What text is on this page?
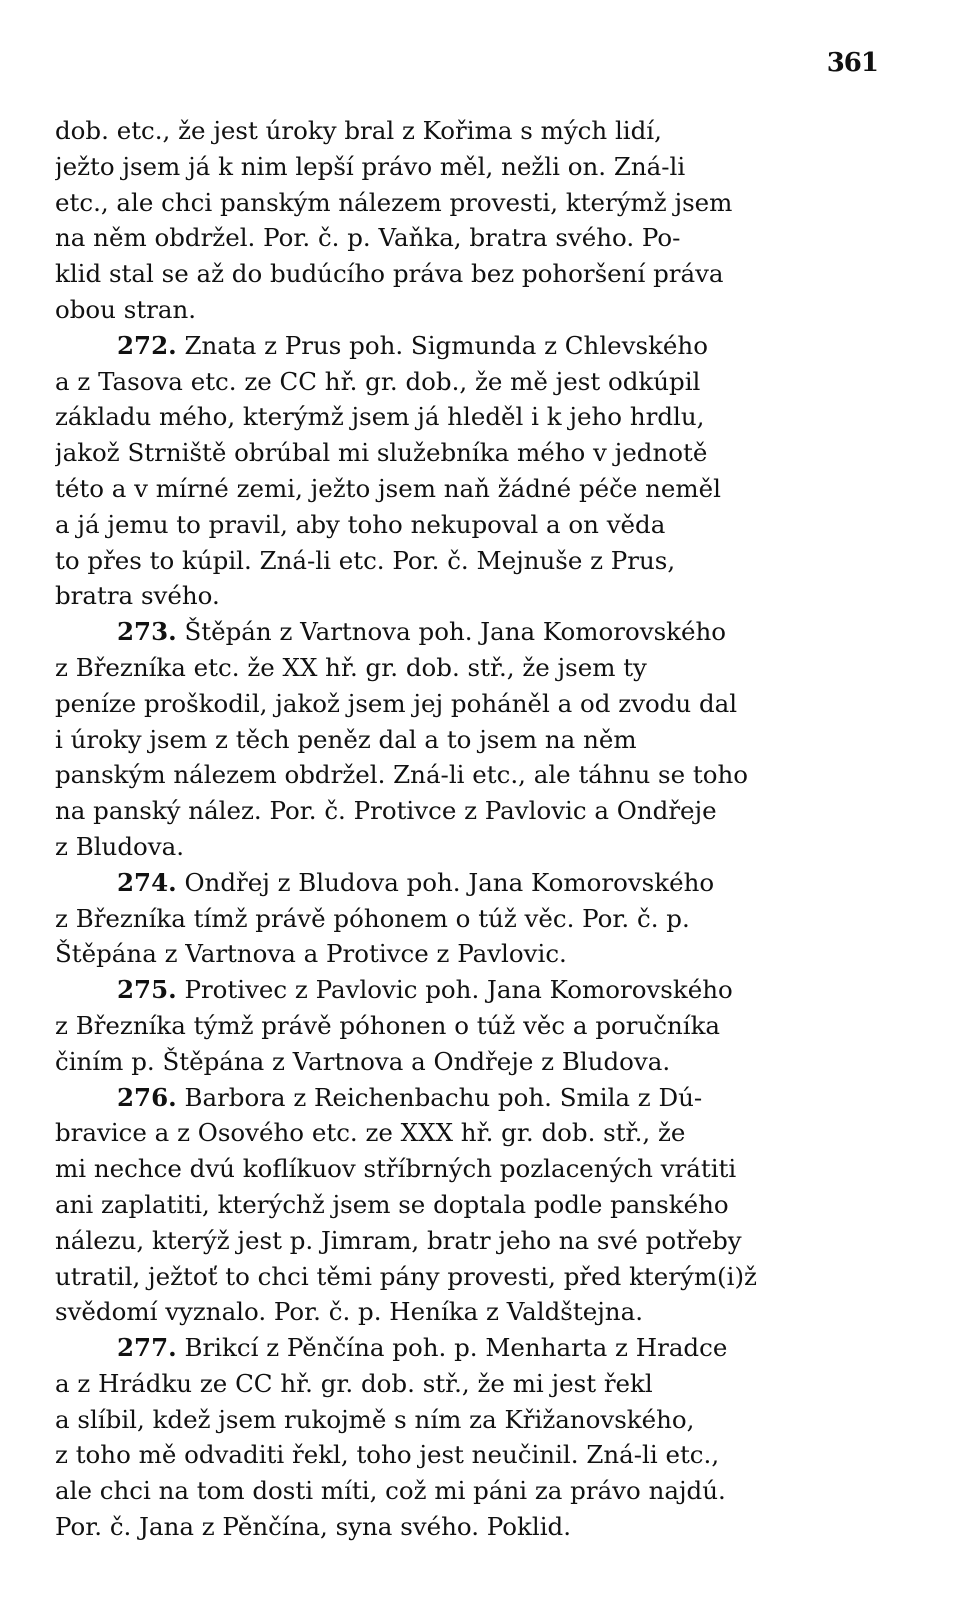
361
dob. etc., že jest úroky bral z Kořima s mých lidí,
ježto jsem já k nim lepší právo měl, nežli on. Zná-li
etc., ale chci panským nálezem provesti, kterýmž jsem
na něm obdržel. Por. č. p. Vaňka, bratra svého. Po-
klid stal se až do budúcího práva bez pohoršení práva
obou stran.
272. Znata z Prus poh. Sigmunda z Chlevského
a z Tasova etc. ze CC hř. gr. dob., že mě jest odkúpil
základu mého, kterýmž jsem já hleděl i k jeho hrdlu,
jakož Strniště obrúbal mi služebníka mého v jednotě
této a v mírné zemi, ježto jsem naň žádné péče neměl
a já jemu to pravil, aby toho nekupoval a on věda
to přes to kúpil. Zná-li etc. Por. č. Mejnuše z Prus,
bratra svého.
273. Štěpán z Vartnova poh. Jana Komorovského
z Březníka etc. že XX hř. gr. dob. stř., že jsem ty
peníze proškodil, jakož jsem jej poháněl a od zvodu dal
i úroky jsem z těch peněz dal a to jsem na něm
panským nálezem obdržel. Zná-li etc., ale táhnu se toho
na panský nález. Por. č. Protivce z Pavlovic a Ondřeje
z Bludova.
274. Ondřej z Bludova poh. Jana Komorovského
z Březníka tímž právě póhonem o túž věc. Por. č. p.
Štěpána z Vartnova a Protivce z Pavlovic.
275. Protivec z Pavlovic poh. Jana Komorovského
z Březníka týmž právě póhonen o túž věc a poručníka
činím p. Štěpána z Vartnova a Ondřeje z Bludova.
276. Barbora z Reichenbachu poh. Smila z Dú-
bravice a z Osového etc. ze XXX hř. gr. dob. stř., že
mi nechce dvú koflíkuov stříbrných pozlacených vrátiti
ani zaplatiti, kterýchž jsem se doptala podle panského
nálezu, kterýž jest p. Jimram, bratr jeho na své potřeby
utratil, ježtoť to chci těmi pány provesti, před kterým(i)ž
svědomí vyznalo. Por. č. p. Heníka z Valdštejna.
277. Brikcí z Pěnčína poh. p. Menharta z Hradce
a z Hrádku ze CC hř. gr. dob. stř., že mi jest řekl
a slíbil, kdež jsem rukojmě s ním za Křižanovského,
z toho mě odvaditi řekl, toho jest neučinil. Zná-li etc.,
ale chci na tom dosti míti, což mi páni za právo najdú.
Por. č. Jana z Pěnčína, syna svého. Poklid.
